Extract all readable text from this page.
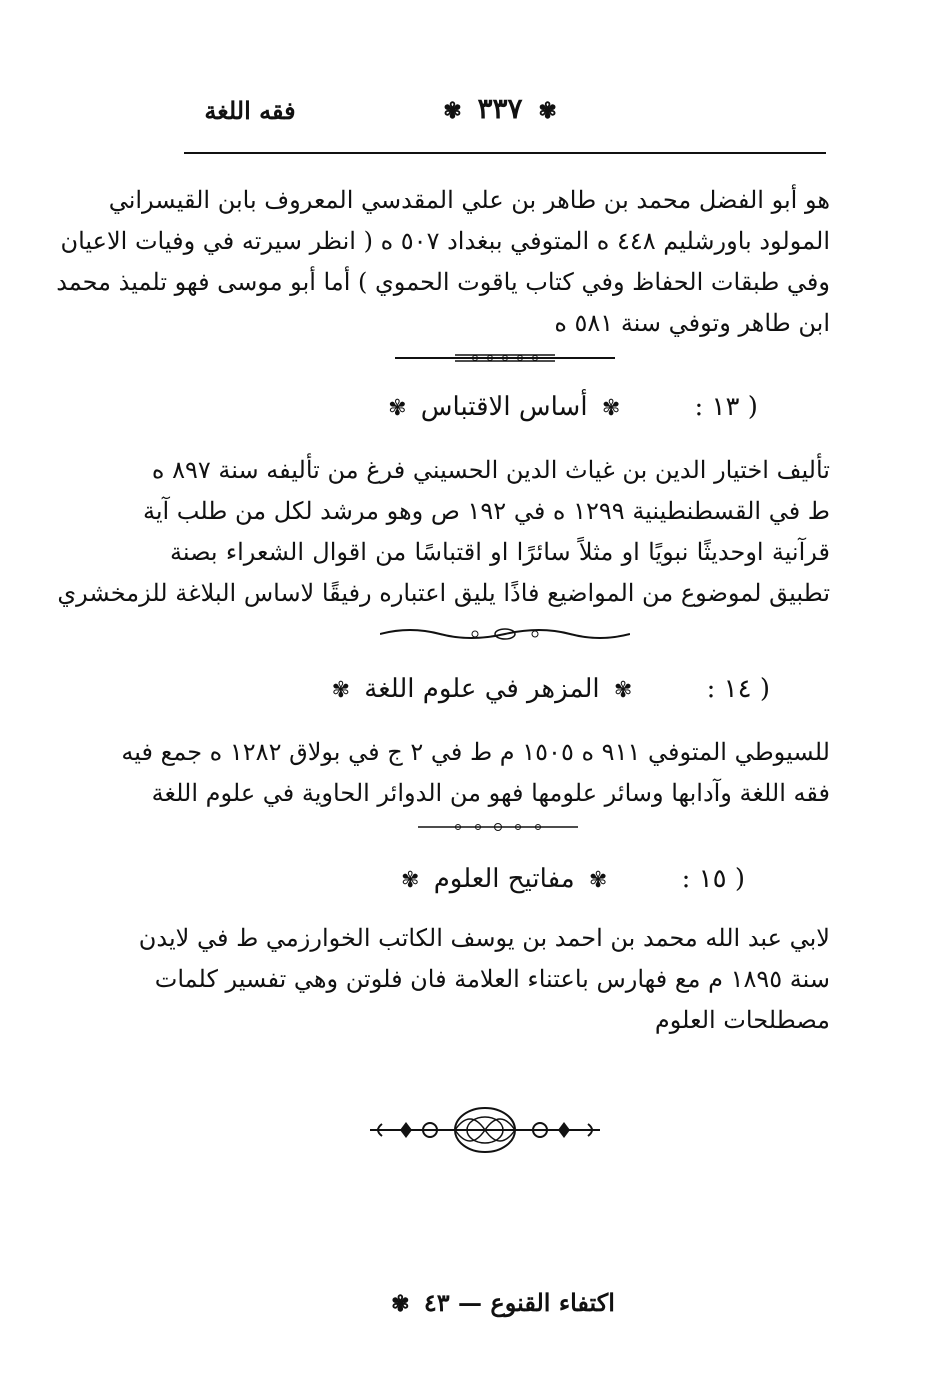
فقه اللغة	✾ ٣٣٧ ✾
هو أبو الفضل محمد بن طاهر بن علي المقدسي المعروف بابن القيسراني
المولود باورشليم ٤٤٨ ه المتوفي ببغداد ٥٠٧ ه ( انظر سيرته في وفيات الاعيان
وفي طبقات الحفاظ وفي كتاب ياقوت الحموي ) أما أبو موسى فهو تلميذ محمد
ابن طاهر وتوفي سنة ٥٨١ ه
( ١٣ : ✾ أساس الاقتباس ✾
تأليف اختيار الدين بن غياث الدين الحسيني فرغ من تأليفه سنة ٨٩٧ ه
ط في القسطنطينية ١٢٩٩ ه في ١٩٢ ص وهو مرشد لكل من طلب آية
قرآنية اوحديثًا نبويًا او مثلاً سائرًا او اقتباسًا من اقوال الشعراء بصنة
تطبيق لموضوع من المواضيع فاذًا يليق اعتباره رفيقًا لاساس البلاغة للزمخشري
( ١٤ : ✾ المزهر في علوم اللغة ✾
للسيوطي المتوفي ٩١١ ه ١٥٠٥ م ط في ٢ ج في بولاق ١٢٨٢ ه جمع فيه
فقه اللغة وآدابها وسائر علومها فهو من الدوائر الحاوية في علوم اللغة
( ١٥ : ✾ مفاتيح العلوم ✾
لابي عبد الله محمد بن احمد بن يوسف الكاتب الخوارزمي ط في لايدن
سنة ١٨٩٥ م مع فهارس باعتناء العلامة فان فلوتن وهي تفسير كلمات
مصطلحات العلوم
اكتفاء القنوع — ٤٣ ✾
